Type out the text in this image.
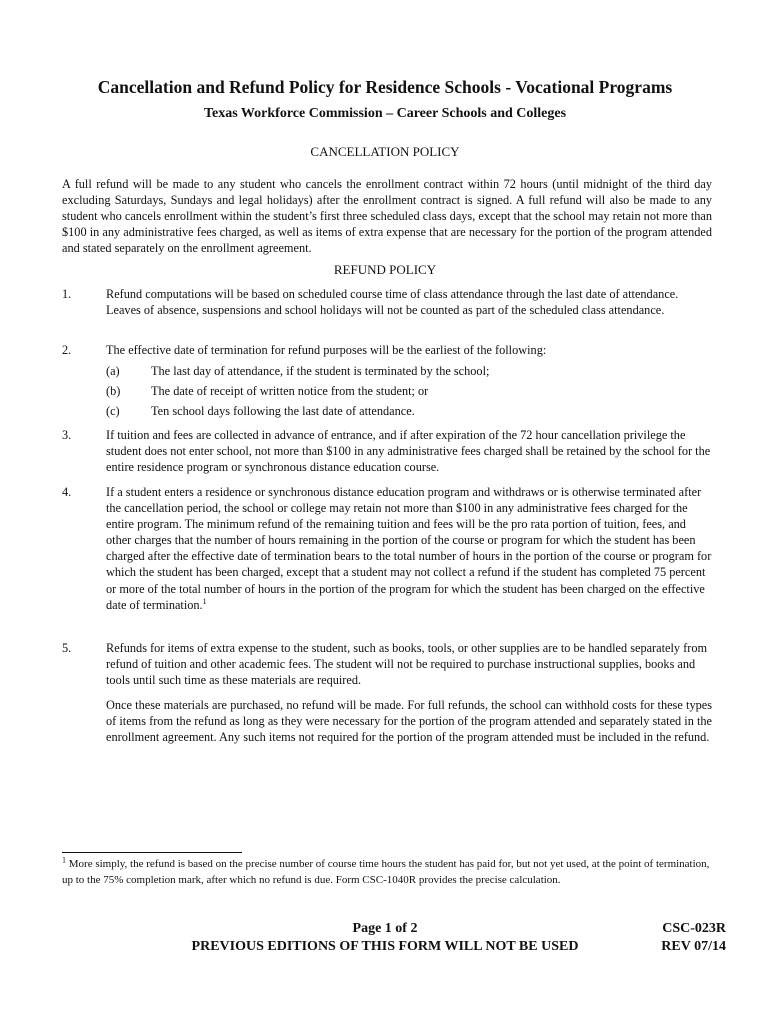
Cancellation and Refund Policy for Residence Schools - Vocational Programs
Texas Workforce Commission – Career Schools and Colleges
CANCELLATION POLICY

A full refund will be made to any student who cancels the enrollment contract within 72 hours (until midnight of the third day excluding Saturdays, Sundays and legal holidays) after the enrollment contract is signed. A full refund will also be made to any student who cancels enrollment within the student’s first three scheduled class days, except that the school may retain not more than $100 in any administrative fees charged, as well as items of extra expense that are necessary for the portion of the program attended and stated separately on the enrollment agreement.

REFUND POLICY
1.	Refund computations will be based on scheduled course time of class attendance through the last date of attendance. Leaves of absence, suspensions and school holidays will not be counted as part of the scheduled class attendance.

2.	The effective date of termination for refund purposes will be the earliest of the following:

(a)	The last day of attendance, if the student is terminated by the school;

(b) The date of receipt of written notice from the student; or

(c)	Ten school days following the last date of attendance.

3.	If tuition and fees are collected in advance of entrance, and if after expiration of the 72 hour cancellation privilege the student does not enter school, not more than $100 in any administrative fees charged shall be retained by the school for the entire residence program or synchronous distance education course.

4.	If a student enters a residence or synchronous distance education program and withdraws or is otherwise terminated after the cancellation period, the school or college may retain not more than $100 in any administrative fees charged for the entire program. The minimum refund of the remaining tuition and fees will be the pro rata portion of tuition, fees, and other charges that the number of hours remaining in the portion of the course or program for which the student has been charged after the effective date of termination bears to the total number of hours in the portion of the course or program for which the student has been charged, except that a student may not collect a refund if the student has completed 75 percent or more of the total number of hours in the portion of the program for which the student has been charged on the effective date of termination.$^1$

5.	Refunds for items of extra expense to the student, such as books, tools, or other supplies are to be handled separately from refund of tuition and other academic fees. The student will not be required to purchase instructional supplies, books and tools until such time as these materials are required.

Once these materials are purchased, no refund will be made. For full refunds, the school can withhold costs for these types of items from the refund as long as they were necessary for the portion of the program attended and separately stated in the enrollment agreement. Any such items not required for the portion of the program attended must be included in the refund.

$^1$ More simply, the refund is based on the precise number of course time hours the student has paid for, but not yet used, at the point of termination, up to the 75% completion mark, after which no refund is due. Form CSC-1040R provides the precise calculation.

Page 1 of 2
PREVIOUS EDITIONS OF THIS FORM WILL NOT BE USED
CSC-023R
REV 07/14
